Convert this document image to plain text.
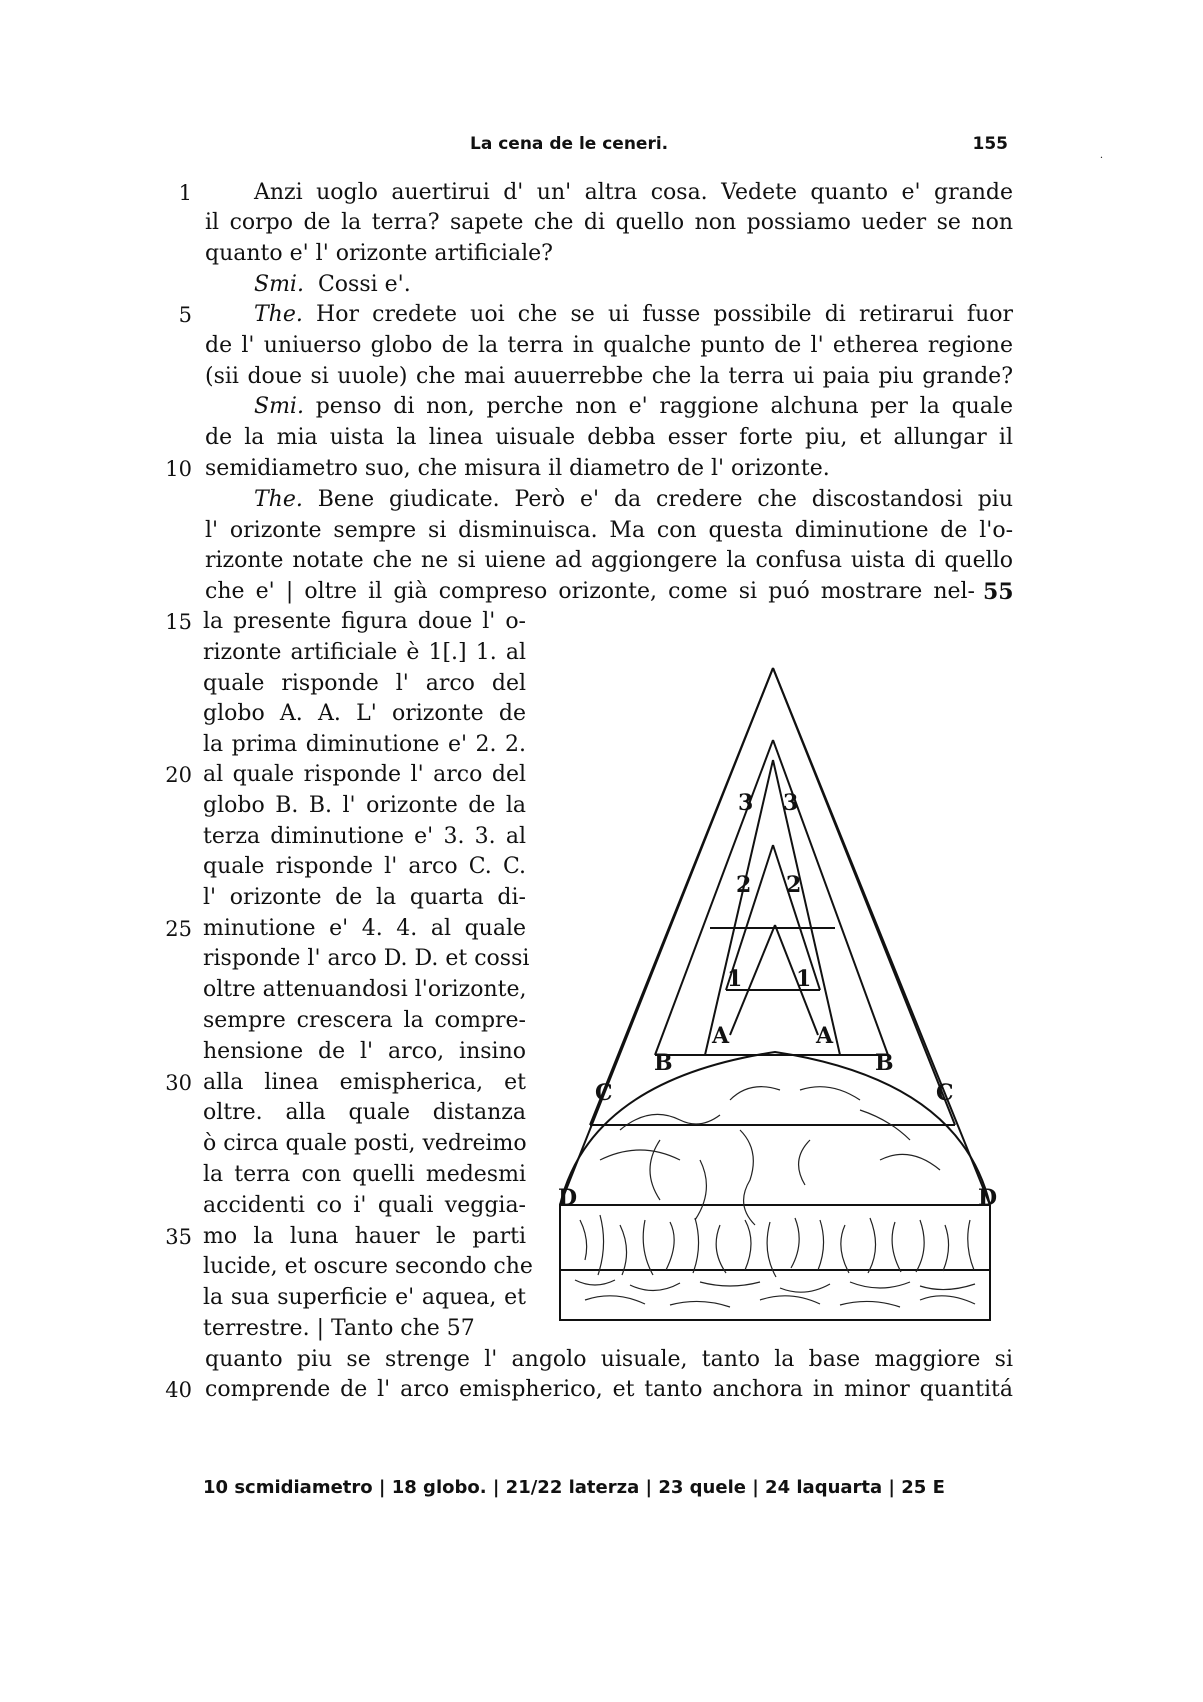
La cena de le ceneri.	155
.
1
5
10
15
20
25
30
35
40
55
Anzi uoglo auertirui d' un' altra cosa. Vedete quanto e' grande
il corpo de la terra? sapete che di quello non possiamo ueder se non
quanto e' l' orizonte artificiale?
Smi. Cossi e'.
The. Hor credete uoi che se ui fusse possibile di retirarui fuor
de l' uniuerso globo de la terra in qualche punto de l' etherea regione
(sii doue si uuole) che mai auuerrebbe che la terra ui paia piu grande?
Smi. penso di non, perche non e' raggione alchuna per la quale
de la mia uista la linea uisuale debba esser forte piu, et allungar il
semidiametro suo, che misura il diametro de l' orizonte.
The. Bene giudicate. Però e' da credere che discostandosi piu
l' orizonte sempre si disminuisca. Ma con questa diminutione de l'o-
rizonte notate che ne si uiene ad aggiongere la confusa uista di quello
che e' | oltre il già compreso orizonte, come si puó mostrare nel-
la presente figura doue l' o-
rizonte artificiale è 1[.] 1. al
quale risponde l' arco del
globo A. A. L' orizonte de
la prima diminutione e' 2. 2.
al quale risponde l' arco del
globo B. B. l' orizonte de la
terza diminutione e' 3. 3. al
quale risponde l' arco C. C.
l' orizonte de la quarta di-
minutione e' 4. 4. al quale
risponde l' arco D. D. et cossi
oltre attenuandosi l'orizonte,
sempre crescera la compre-
hensione de l' arco, insino
alla linea emispherica, et
oltre. alla quale distanza
ò circa quale posti, vedreimo
la terra con quelli medesmi
accidenti co i' quali veggia-
mo la luna hauer le parti
lucide, et oscure secondo che
la sua superficie e' aquea, et
terrestre. | Tanto che 57
quanto piu se strenge l' angolo uisuale, tanto la base maggiore si
comprende de l' arco emispherico, et tanto anchora in minor quantitá
3 3
2 2
1 1
A	A
B	B
C	C
D	D
10 scmidiametro | 18 globo. | 21/22 laterza | 23 quele | 24 laquarta | 25 E
